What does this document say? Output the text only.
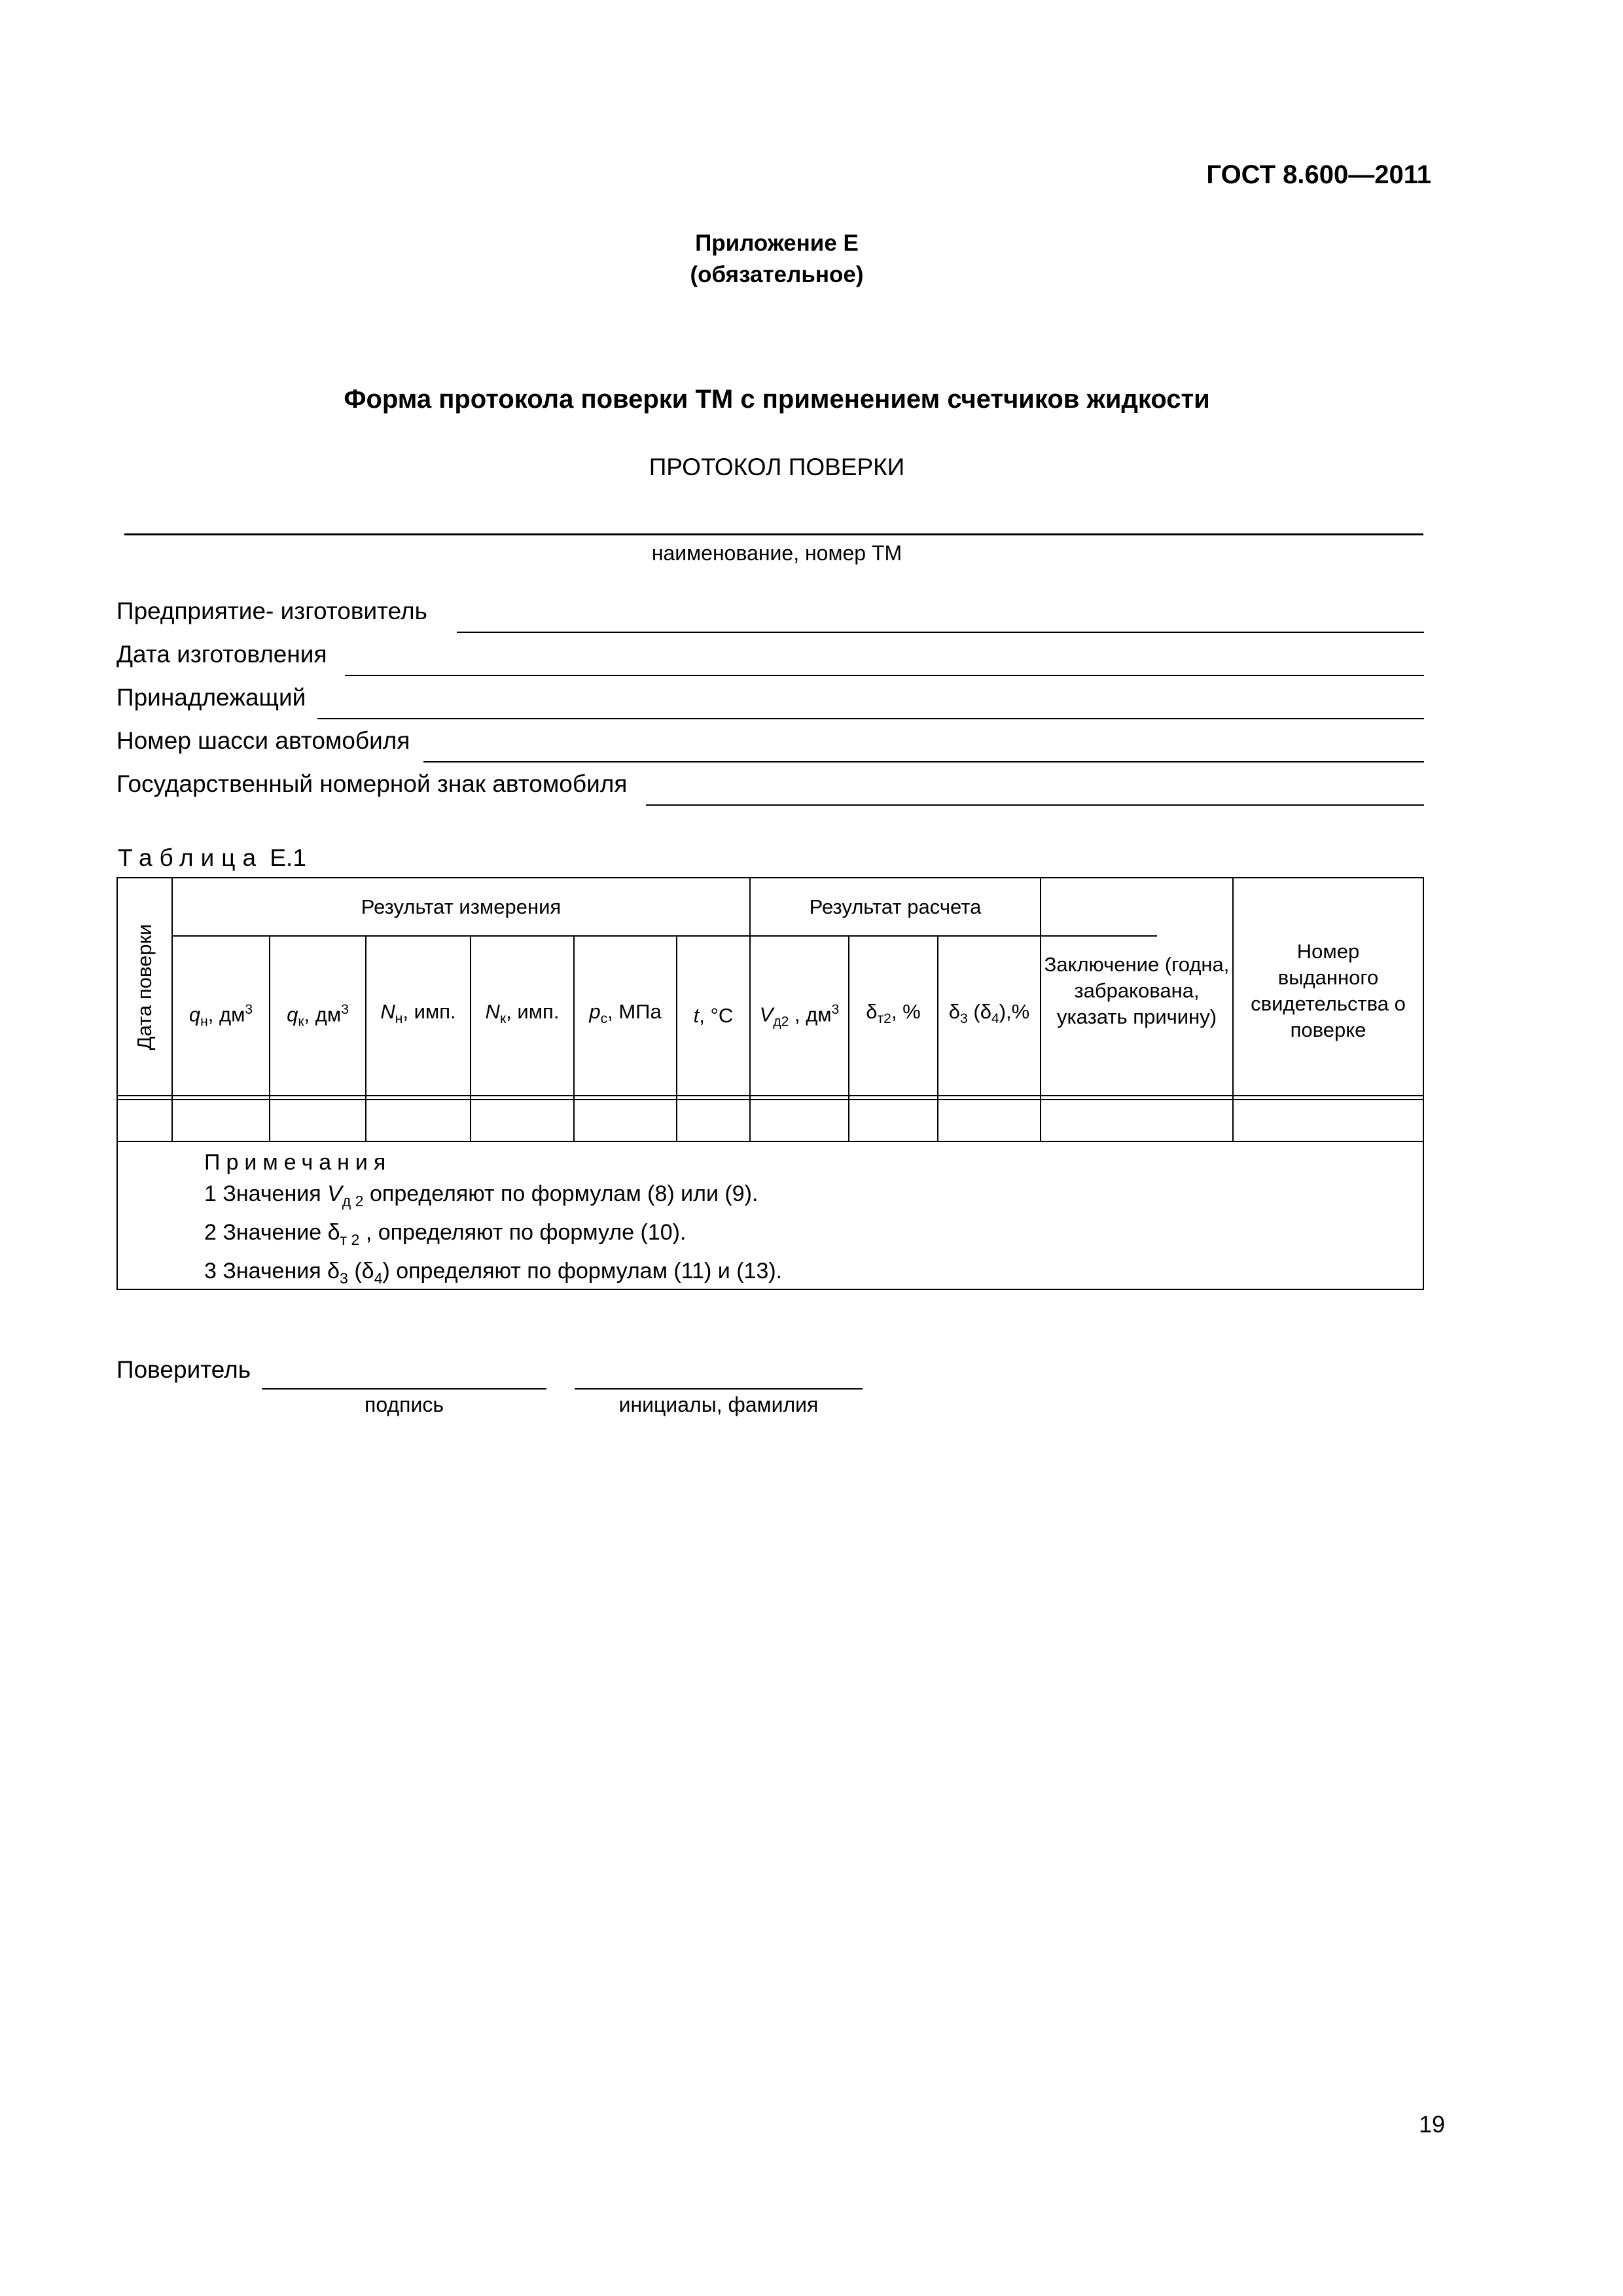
ГОСТ 8.600—2011
Приложение Е
(обязательное)
Форма протокола поверки ТМ с применением счетчиков жидкости
ПРОТОКОЛ ПОВЕРКИ
наименование, номер ТМ
Предприятие- изготовитель
Дата изготовления
Принадлежащий
Номер шасси автомобиля
Государственный номерной знак автомобиля
Таблица Е.1
Дата поверки
Результат измерения	Результат расчета
Заключение (годна, забракована, указать причину)
Номер выданного свидетельства о поверке
$q_н$, $дм^3$ $q_к$, $дм^3$ $N_н$, имп. $N_к$, имп. $p_с$, МПа t, °С $V_{д2}$ , $дм^3$ $\delta_{т2}$, % $\delta_3$ $(\delta_4),\%$
Примечания
1 Значения $V_{д 2}$ определяют по формулам (8) или (9).
2 Значение $\delta_{т 2}$ , определяют по формуле (10).
3 Значения $\delta_3$ $(\delta_4)$ определяют по формулам (11) и (13).
Поверитель
подпись	инициалы, фамилия
19
